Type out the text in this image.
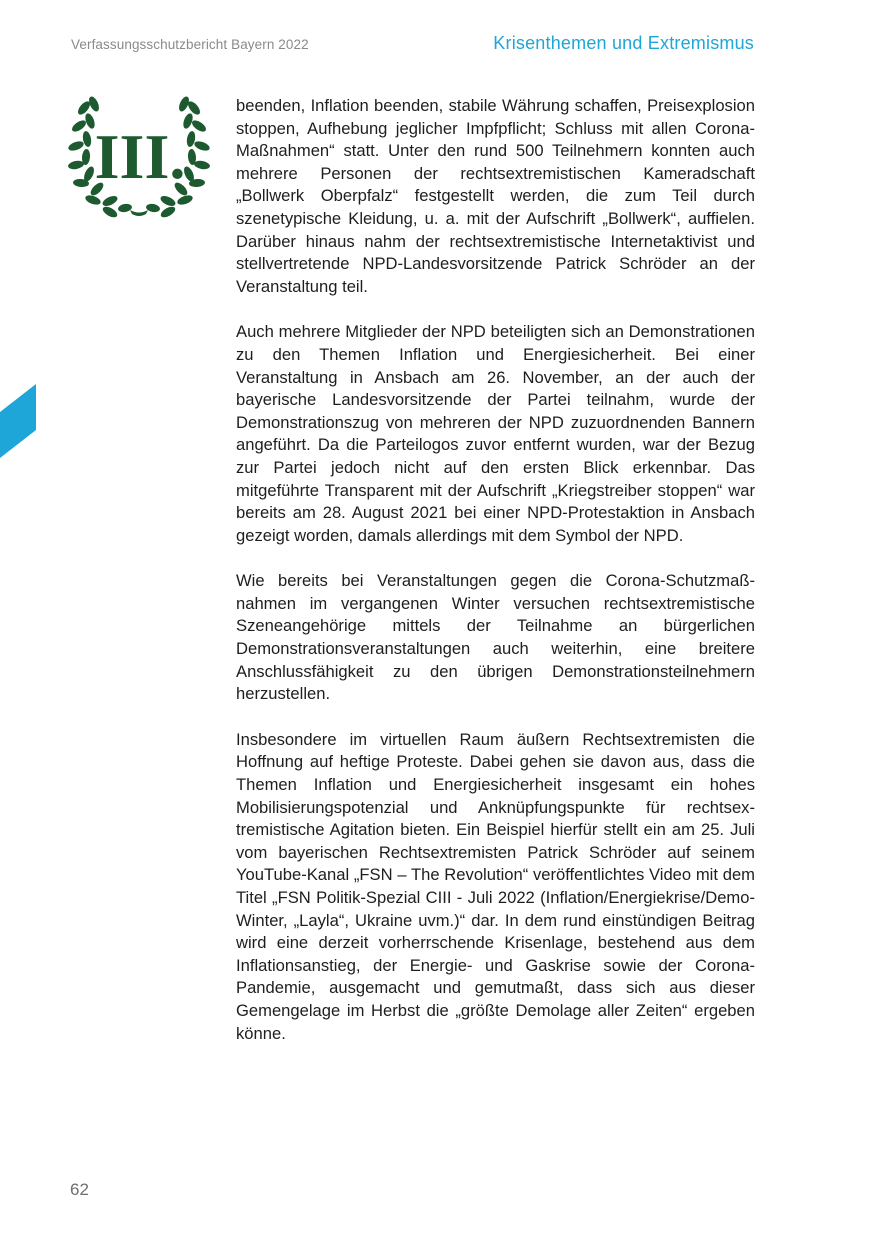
Verfassungsschutzbericht Bayern 2022	Krisenthemen und Extremismus
III.

beenden, Inflation beenden, stabile Währung schaffen, Preisexplosion stoppen, Aufhebung jeglicher Impfpflicht; Schluss mit allen Corona-Maßnahmen“ statt. Unter den rund 500 Teilnehmern konnten auch mehrere Personen der rechtsextremistischen Kameradschaft „Bollwerk Oberpfalz“ festgestellt werden, die zum Teil durch szenetypische Kleidung, u. a. mit der Aufschrift „Bollwerk“, auffielen. Darüber hinaus nahm der rechtsextremistische Internetaktivist und stellvertretende NPD-Landesvorsitzende Patrick Schröder an der Veranstaltung teil.

Auch mehrere Mitglieder der NPD beteiligten sich an Demonstrationen zu den Themen Inflation und Energiesicherheit. Bei einer Veranstaltung in Ansbach am 26. November, an der auch der bayerische Landesvorsitzende der Partei teilnahm, wurde der Demonstrationszug von mehreren der NPD zuzuordnenden Bannern angeführt. Da die Parteilogos zuvor entfernt wurden, war der Bezug zur Partei jedoch nicht auf den ersten Blick erkennbar. Das mitgeführte Transparent mit der Aufschrift „Kriegstreiber stoppen“ war bereits am 28. August 2021 bei einer NPD-Protestaktion in Ansbach gezeigt worden, damals allerdings mit dem Symbol der NPD.

Wie bereits bei Veranstaltungen gegen die Corona-Schutzmaßnahmen im vergangenen Winter versuchen rechtsextremistische Szeneangehörige mittels der Teilnahme an bürgerlichen Demonstrationsveranstaltungen auch weiterhin, eine breitere Anschlussfähigkeit zu den übrigen Demonstrationsteilnehmern herzustellen.

Insbesondere im virtuellen Raum äußern Rechtsextremisten die Hoffnung auf heftige Proteste. Dabei gehen sie davon aus, dass die Themen Inflation und Energiesicherheit insgesamt ein hohes Mobilisierungspotenzial und Anknüpfungspunkte für rechtsextremistische Agitation bieten. Ein Beispiel hierfür stellt ein am 25. Juli vom bayerischen Rechtsextremisten Patrick Schröder auf seinem YouTube-Kanal „FSN – The Revolution“ veröffentlichtes Video mit dem Titel „FSN Politik-Spezial CIII - Juli 2022 (Inflation/Energiekrise/Demo-Winter, „Layla“, Ukraine uvm.)“ dar. In dem rund einstündigen Beitrag wird eine derzeit vorherrschende Krisenlage, bestehend aus dem Inflationsanstieg, der Energie- und Gaskrise sowie der Corona-Pandemie, ausgemacht und gemutmaßt, dass sich aus dieser Gemengelage im Herbst die „größte Demolage aller Zeiten“ ergeben könne.

62
